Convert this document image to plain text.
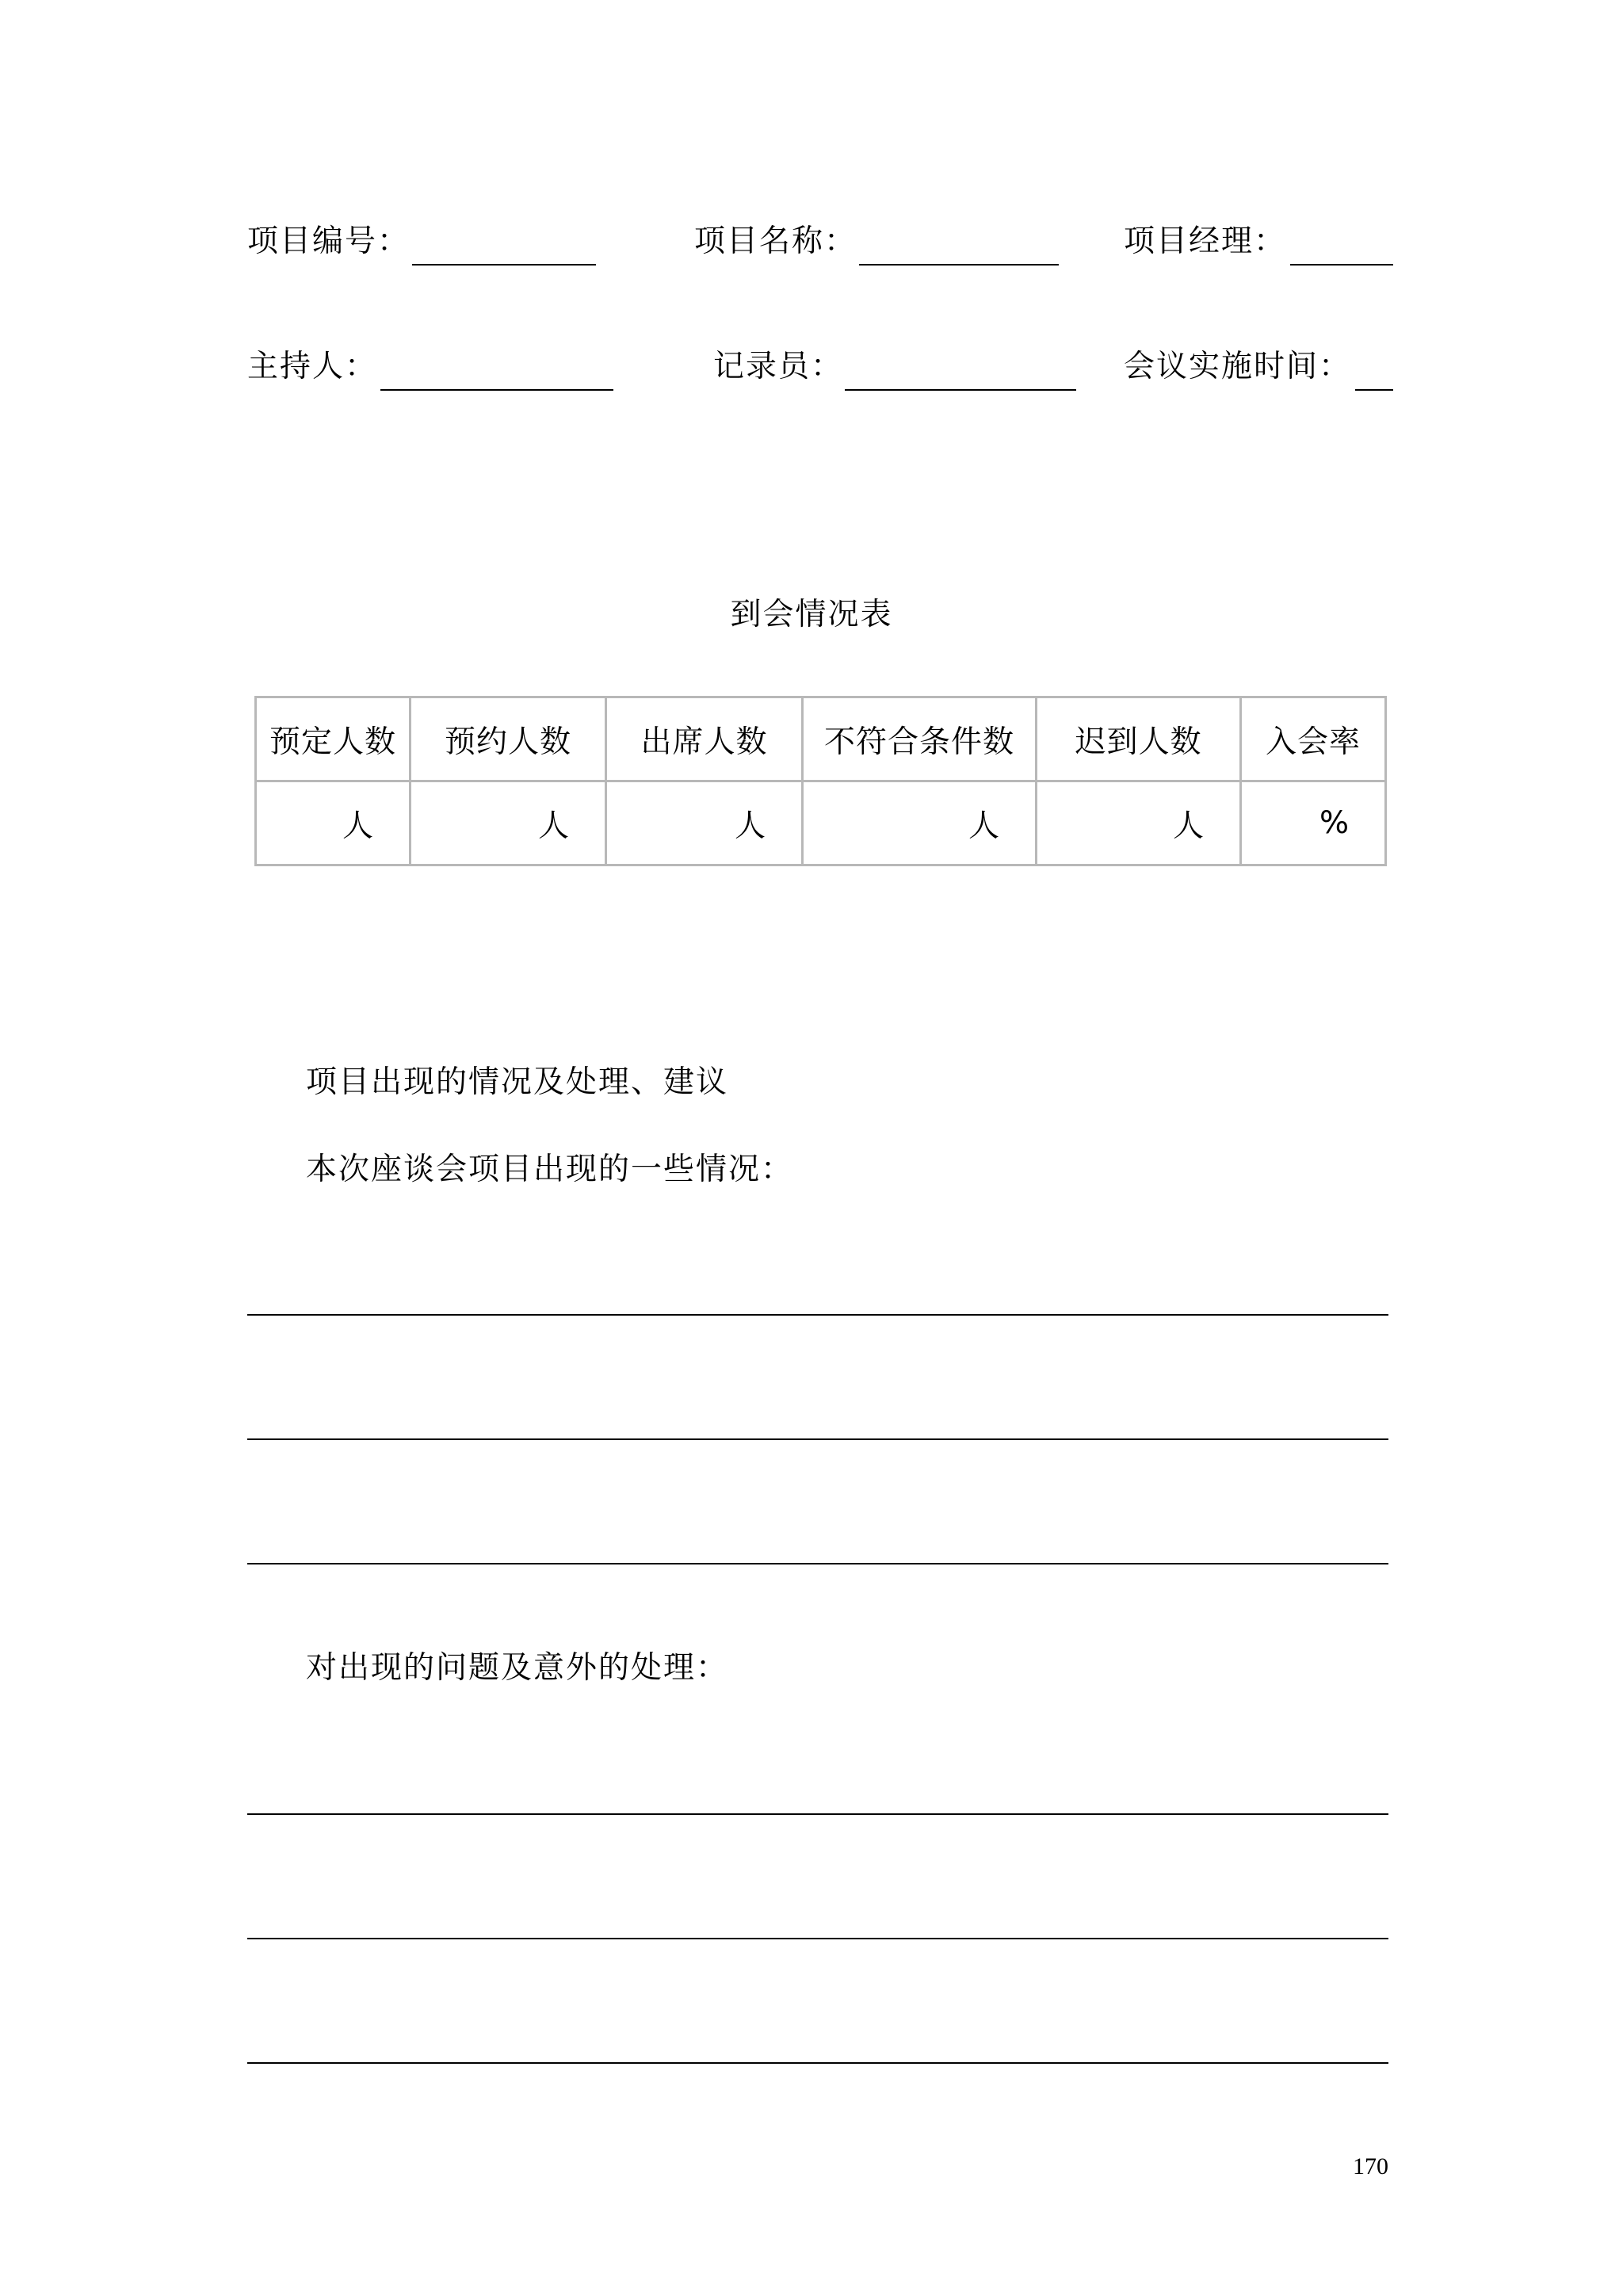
项目编号：	项目名称：	项目经理：
主持人：	记录员：	会议实施时间：
到会情况表
预定人数	预约人数	出席人数	不符合条件数	迟到人数	入会率
人	人	人	人	人	%
项目出现的情况及处理、建议
本次座谈会项目出现的一些情况：
对出现的问题及意外的处理：
170
